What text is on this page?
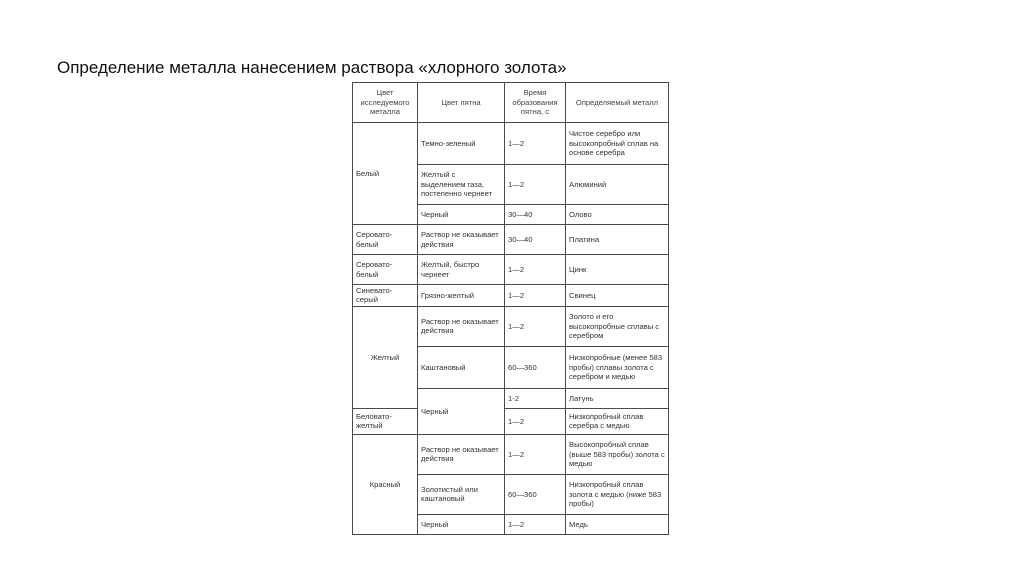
Определение металла нанесением раствора «хлорного золота»
Цвет исследуемого металла	Цвет пятна	Время образования пятна, с	Определяемый металл
Белый	Темно-зеленый	1—2	Чистое серебро или высокопробный сплав на основе серебра
	Желтый с выделением газа, постепенно чернеет	1—2	Алюминий
	Черный	30—40	Олово
Серовато-белый	Раствор не оказывает действия	30—40	Платина
Серовато-белый	Желтый, быстро чернеет	1—2	Цинк
Синевато-серый	Грязно-желтый	1—2	Свинец
Желтый	Раствор не оказывает действия	1—2	Золото и его высокопробные сплавы с серебром
	Каштановый	60—360	Низкопробные (менее 583 пробы) сплавы золота с серебром и медью
	Черный	1-2	Латунь
Беловато-желтый		1—2	Низкопробный сплав серебра с медью
Красный	Раствор не оказывает действия	1—2	Высокопробный сплав (выше 583 пробы) золота с медью
	Золотистый или каштановый	60—360	Низкопробный сплав золота с медью (ниже 583 пробы)
	Черный	1—2	Медь
